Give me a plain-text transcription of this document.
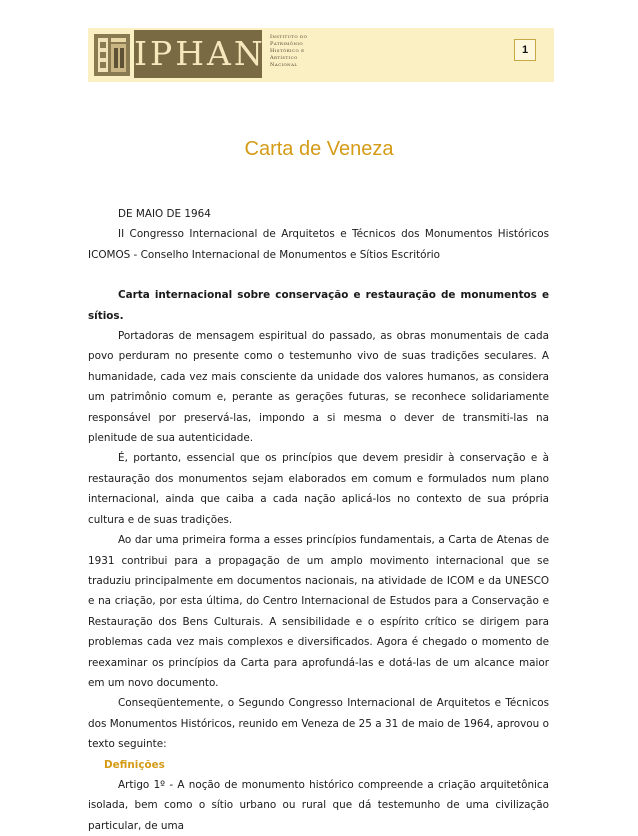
IPHAN Instituto do
Patrimônio
Histórico e
Artístico
Nacional
1
Carta de Veneza

DE MAIO DE 1964

II Congresso Internacional de Arquitetos e Técnicos dos Monumentos Históricos

ICOMOS - Conselho Internacional de Monumentos e Sítios Escritório

Carta internacional sobre conservação e restauração de monumentos e sítios.

Portadoras de mensagem espiritual do passado, as obras monumentais de cada povo perduram no presente como o testemunho vivo de suas tradições seculares. A humanidade, cada vez mais consciente da unidade dos valores humanos, as considera um patrimônio comum e, perante as gerações futuras, se reconhece solidariamente responsável por preservá-las, impondo a si mesma o dever de transmiti-las na plenitude de sua autenticidade.

É, portanto, essencial que os princípios que devem presidir à conservação e à restauração dos monumentos sejam elaborados em comum e formulados num plano internacional, ainda que caiba a cada nação aplicá-los no contexto de sua própria cultura e de suas tradições.

Ao dar uma primeira forma a esses princípios fundamentais, a Carta de Atenas de 1931 contribui para a propagação de um amplo movimento internacional que se traduziu principalmente em documentos nacionais, na atividade de ICOM e da UNESCO e na criação, por esta última, do Centro Internacional de Estudos para a Conservação e Restauração dos Bens Culturais. A sensibilidade e o espírito crítico se dirigem para problemas cada vez mais complexos e diversificados. Agora é chegado o momento de reexaminar os princípios da Carta para aprofundá-las e dotá-las de um alcance maior em um novo documento.

Conseqüentemente, o Segundo Congresso Internacional de Arquitetos e Técnicos dos Monumentos Históricos, reunido em Veneza de 25 a 31 de maio de 1964, aprovou o texto seguinte:

Definições

Artigo 1º - A noção de monumento histórico compreende a criação arquitetônica isolada, bem como o sítio urbano ou rural que dá testemunho de uma civilização particular, de uma
